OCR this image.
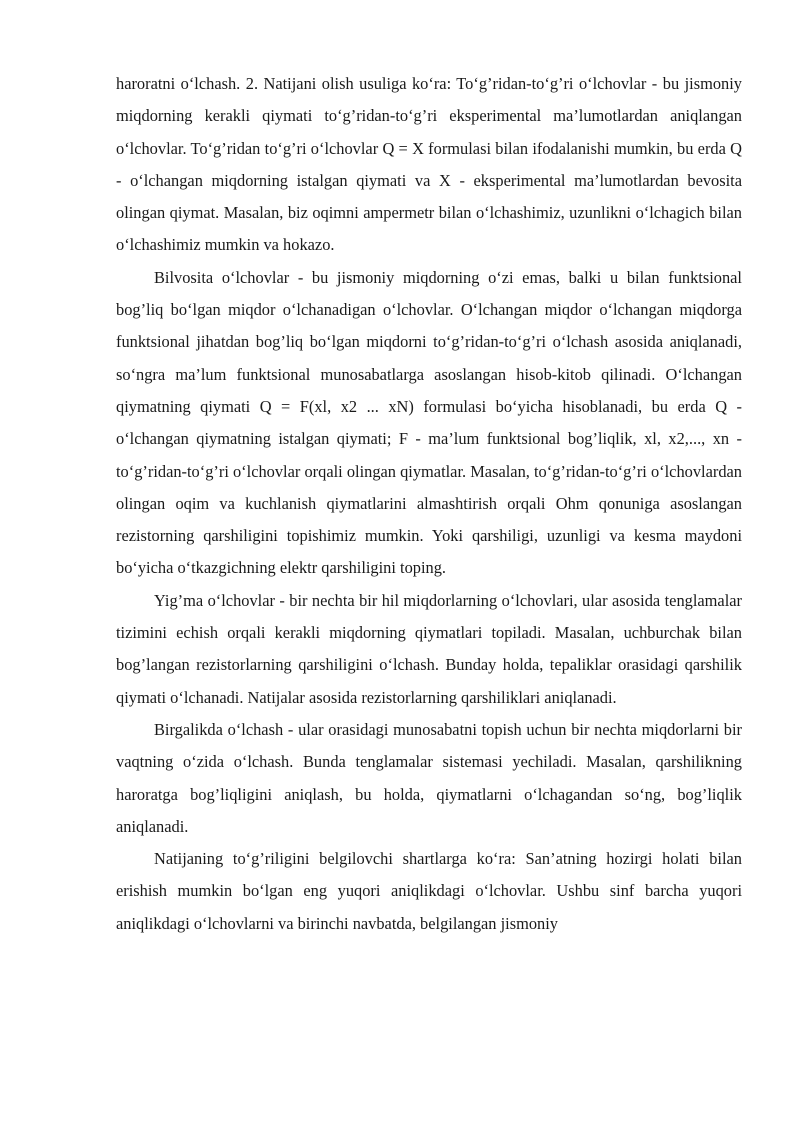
haroratni o‘lchash. 2. Natijani olish usuliga ko‘ra: To‘g’ridan-to‘g’ri o‘lchovlar - bu jismoniy miqdorning kerakli qiymati to‘g’ridan-to‘g’ri eksperimental ma’lumotlardan aniqlangan o‘lchovlar. To‘g’ridan to‘g’ri o‘lchovlar Q = X formulasi bilan ifodalanishi mumkin, bu erda Q - o‘lchangan miqdorning istalgan qiymati va X - eksperimental ma’lumotlardan bevosita olingan qiymat. Masalan, biz oqimni ampermetr bilan o‘lchashimiz, uzunlikni o‘lchagich bilan o‘lchashimiz mumkin va hokazo.

Bilvosita o‘lchovlar - bu jismoniy miqdorning o‘zi emas, balki u bilan funktsional bog’liq bo‘lgan miqdor o‘lchanadigan o‘lchovlar. O‘lchangan miqdor o‘lchangan miqdorga funktsional jihatdan bog’liq bo‘lgan miqdorni to‘g’ridan-to‘g’ri o‘lchash asosida aniqlanadi, so‘ngra ma’lum funktsional munosabatlarga asoslangan hisob-kitob qilinadi. O‘lchangan qiymatning qiymati Q = F(xl, x2 ... xN) formulasi bo‘yicha hisoblanadi, bu erda Q - o‘lchangan qiymatning istalgan qiymati; F - ma’lum funktsional bog’liqlik, xl, x2,..., xn - to‘g’ridan-to‘g’ri o‘lchovlar orqali olingan qiymatlar. Masalan, to‘g’ridan-to‘g’ri o‘lchovlardan olingan oqim va kuchlanish qiymatlarini almashtirish orqali Ohm qonuniga asoslangan rezistorning qarshiligini topishimiz mumkin. Yoki qarshiligi, uzunligi va kesma maydoni bo‘yicha o‘tkazgichning elektr qarshiligini toping.

Yig’ma o‘lchovlar - bir nechta bir hil miqdorlarning o‘lchovlari, ular asosida tenglamalar tizimini echish orqali kerakli miqdorning qiymatlari topiladi. Masalan, uchburchak bilan bog’langan rezistorlarning qarshiligini o‘lchash. Bunday holda, tepaliklar orasidagi qarshilik qiymati o‘lchanadi. Natijalar asosida rezistorlarning qarshiliklari aniqlanadi.

Birgalikda o‘lchash - ular orasidagi munosabatni topish uchun bir nechta miqdorlarni bir vaqtning o‘zida o‘lchash. Bunda tenglamalar sistemasi yechiladi. Masalan, qarshilikning haroratga bog’liqligini aniqlash, bu holda, qiymatlarni o‘lchagandan so‘ng, bog’liqlik aniqlanadi.

Natijaning to‘g’riligini belgilovchi shartlarga ko‘ra: San’atning hozirgi holati bilan erishish mumkin bo‘lgan eng yuqori aniqlikdagi o‘lchovlar. Ushbu sinf barcha yuqori aniqlikdagi o‘lchovlarni va birinchi navbatda, belgilangan jismoniy
